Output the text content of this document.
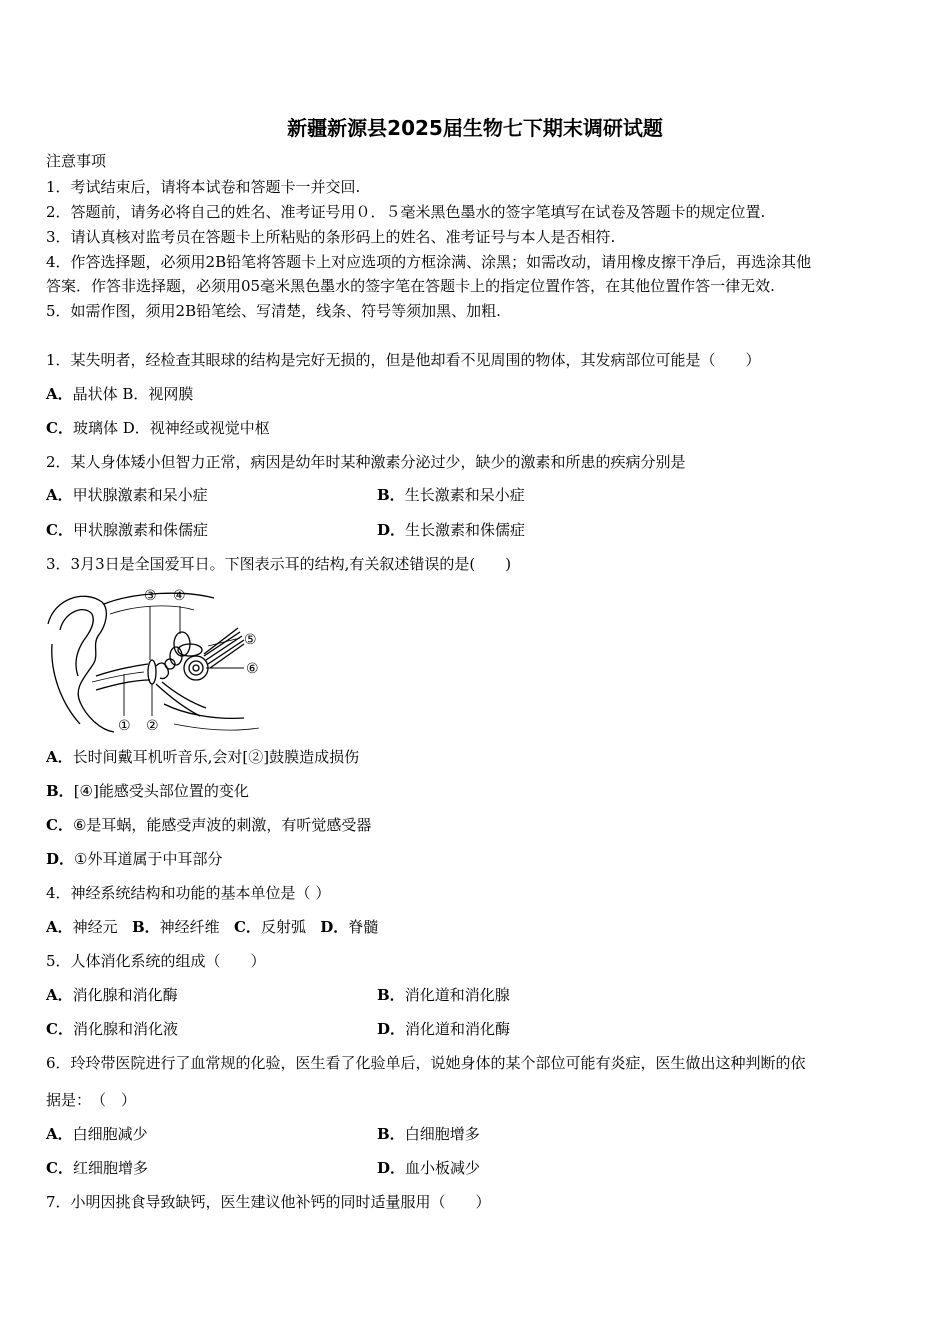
新疆新源县2025届生物七下期末调研试题
注意事项
1．考试结束后，请将本试卷和答题卡一并交回.
2．答题前，请务必将自己的姓名、准考证号用０．５毫米黑色墨水的签字笔填写在试卷及答题卡的规定位置.
3．请认真核对监考员在答题卡上所粘贴的条形码上的姓名、准考证号与本人是否相符.
4．作答选择题，必须用2B铅笔将答题卡上对应选项的方框涂满、涂黑；如需改动，请用橡皮擦干净后，再选涂其他
答案．作答非选择题，必须用05毫米黑色墨水的签字笔在答题卡上的指定位置作答，在其他位置作答一律无效.
5．如需作图，须用2B铅笔绘、写清楚，线条、符号等须加黑、加粗.
1．某失明者，经检查其眼球的结构是完好无损的，但是他却看不见周围的物体，其发病部位可能是（　　）
A．晶状体 B．视网膜
C．玻璃体 D．视神经或视觉中枢
2．某人身体矮小但智力正常，病因是幼年时某种激素分泌过少，缺少的激素和所患的疾病分别是
A．甲状腺激素和呆小症	B．生长激素和呆小症
C．甲状腺激素和侏儒症	D．生长激素和侏儒症
3．3月3日是全国爱耳日。下图表示耳的结构,有关叙述错误的是(　　)
③ ④
⑤
⑥
① ②
A．长时间戴耳机听音乐,会对[②]鼓膜造成损伤
B．[④]能感受头部位置的变化
C．⑥是耳蜗，能感受声波的刺激，有听觉感受器
D．①外耳道属于中耳部分
4．神经系统结构和功能的基本单位是（ ）
A．神经元 B．神经纤维 C．反射弧 D．脊髓
5．人体消化系统的组成（　　）
A．消化腺和消化酶	B．消化道和消化腺
C．消化腺和消化液	D．消化道和消化酶
6．玲玲带医院进行了血常规的化验，医生看了化验单后，说她身体的某个部位可能有炎症，医生做出这种判断的依
据是：　（　）
A．白细胞减少	B．白细胞增多
C．红细胞增多	D．血小板减少
7．小明因挑食导致缺钙，医生建议他补钙的同时适量服用（　　）
